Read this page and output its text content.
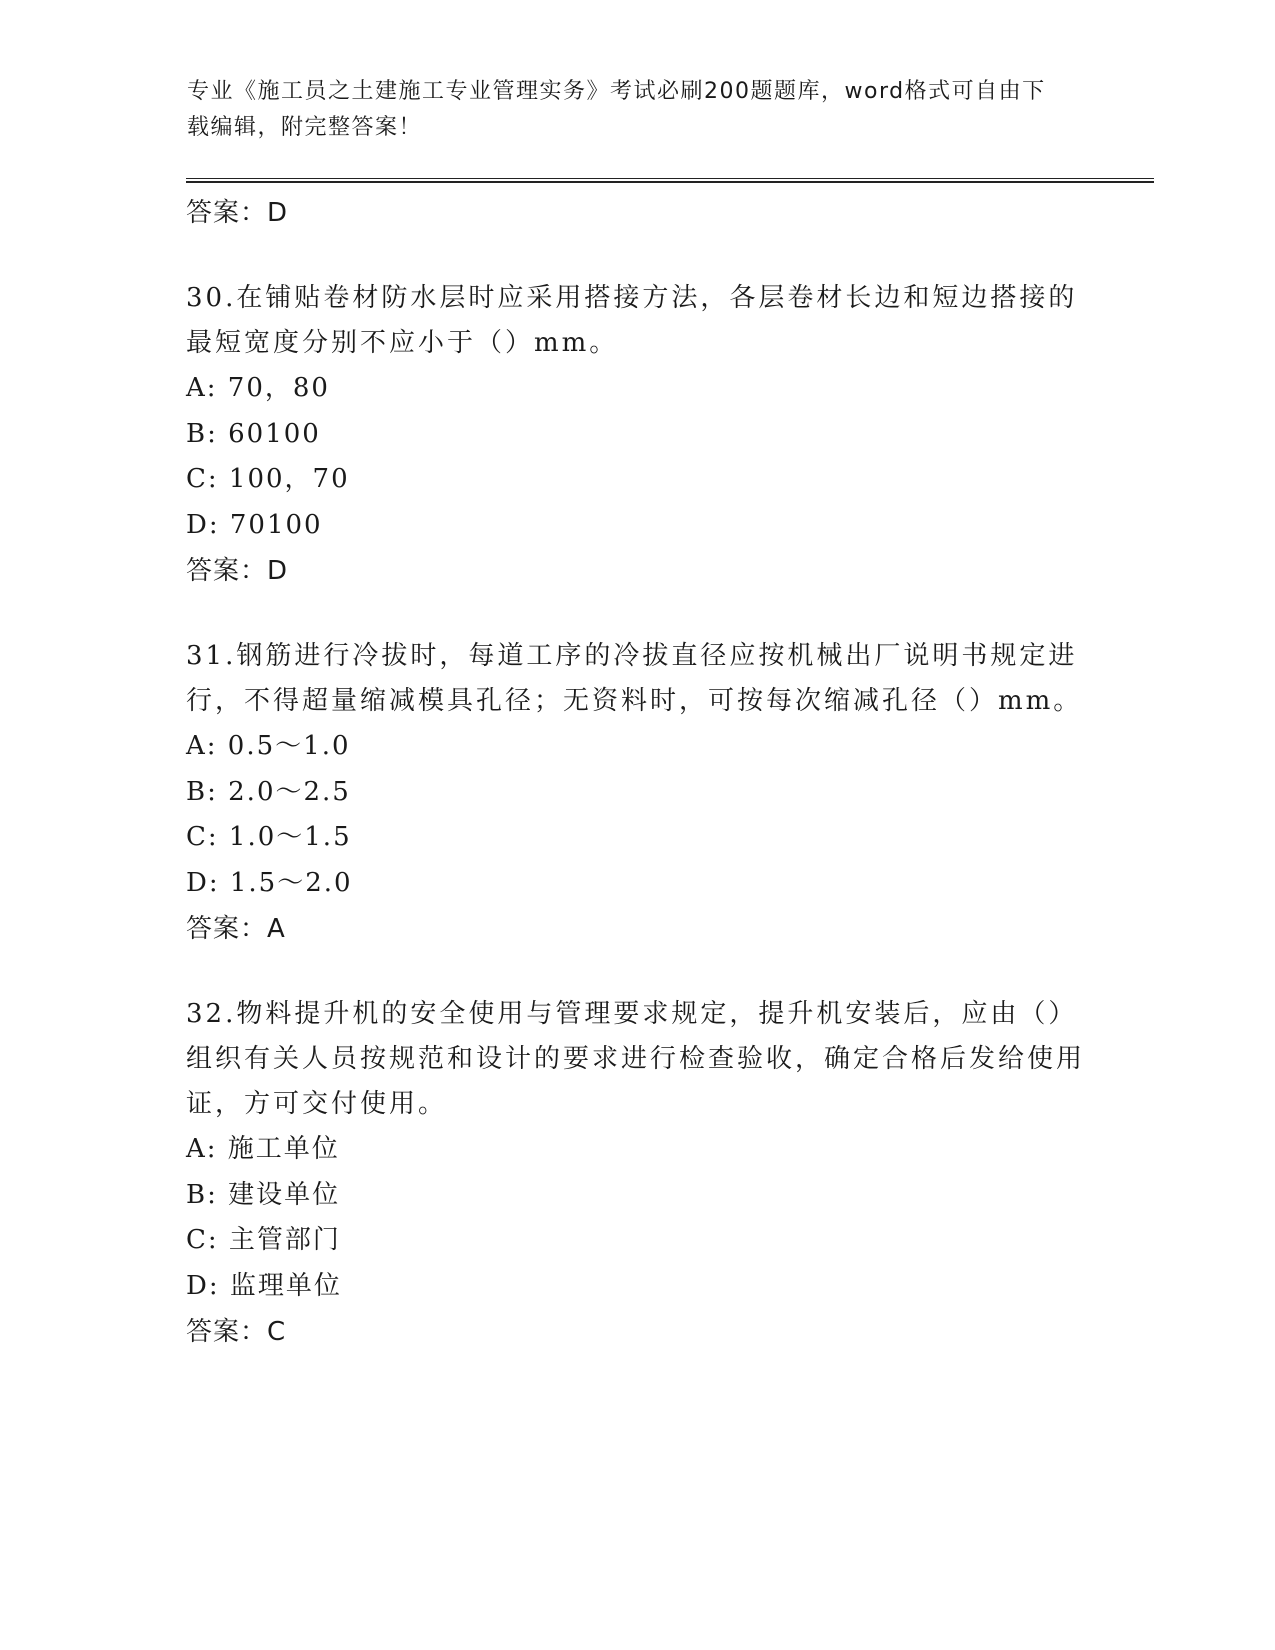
专业《施工员之土建施工专业管理实务》考试必刷200题题库，word格式可自由下载编辑，附完整答案！
答案：D

30.在铺贴卷材防水层时应采用搭接方法，各层卷材长边和短边搭接的最短宽度分别不应小于（）mm。

A: 70，80
B: 60100
C: 100，70
D: 70100
答案：D

31.钢筋进行冷拔时，每道工序的冷拔直径应按机械出厂说明书规定进行，不得超量缩减模具孔径；无资料时，可按每次缩减孔径（）mm。

A: 0.5～1.0
B: 2.0～2.5
C: 1.0～1.5
D: 1.5～2.0
答案：A

32.物料提升机的安全使用与管理要求规定，提升机安装后，应由（）组织有关人员按规范和设计的要求进行检查验收，确定合格后发给使用证，方可交付使用。

A: 施工单位
B: 建设单位
C: 主管部门
D: 监理单位
答案：C
